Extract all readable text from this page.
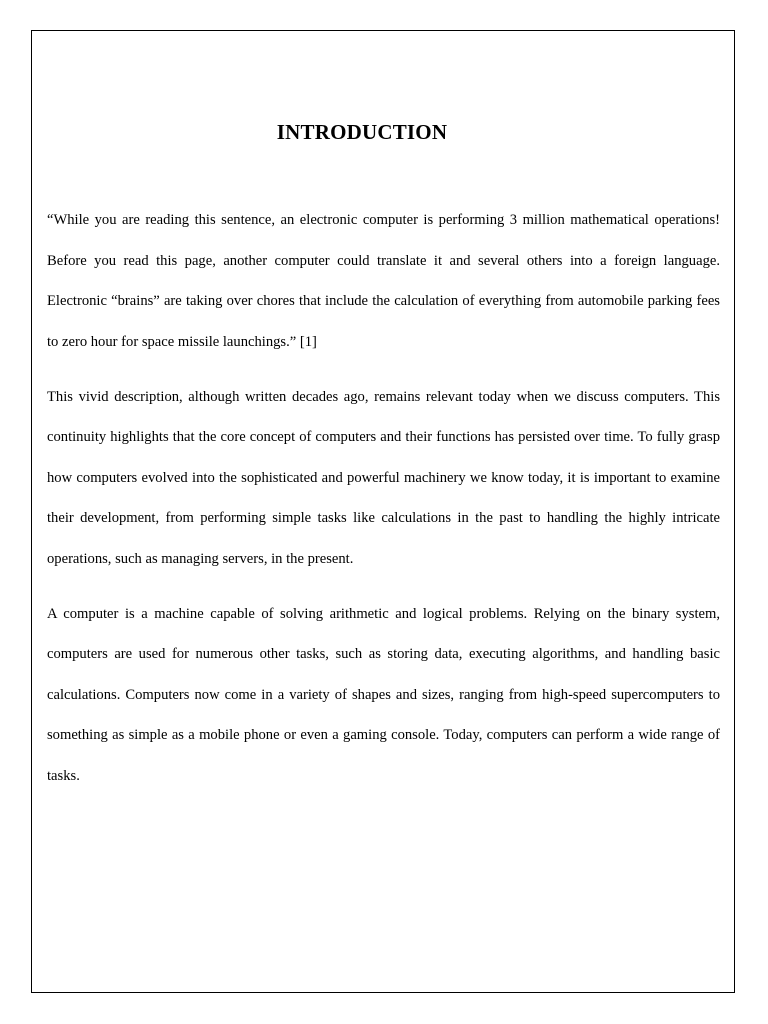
INTRODUCTION

“While you are reading this sentence, an electronic computer is performing 3 million mathematical operations! Before you read this page, another computer could translate it and several others into a foreign language. Electronic “brains” are taking over chores that include the calculation of everything from automobile parking fees to zero hour for space missile launchings.” [1]

This vivid description, although written decades ago, remains relevant today when we discuss computers. This continuity highlights that the core concept of computers and their functions has persisted over time. To fully grasp how computers evolved into the sophisticated and powerful machinery we know today, it is important to examine their development, from performing simple tasks like calculations in the past to handling the highly intricate operations, such as managing servers, in the present.

A computer is a machine capable of solving arithmetic and logical problems. Relying on the binary system, computers are used for numerous other tasks, such as storing data, executing algorithms, and handling basic calculations. Computers now come in a variety of shapes and sizes, ranging from high-speed supercomputers to something as simple as a mobile phone or even a gaming console. Today, computers can perform a wide range of tasks.
